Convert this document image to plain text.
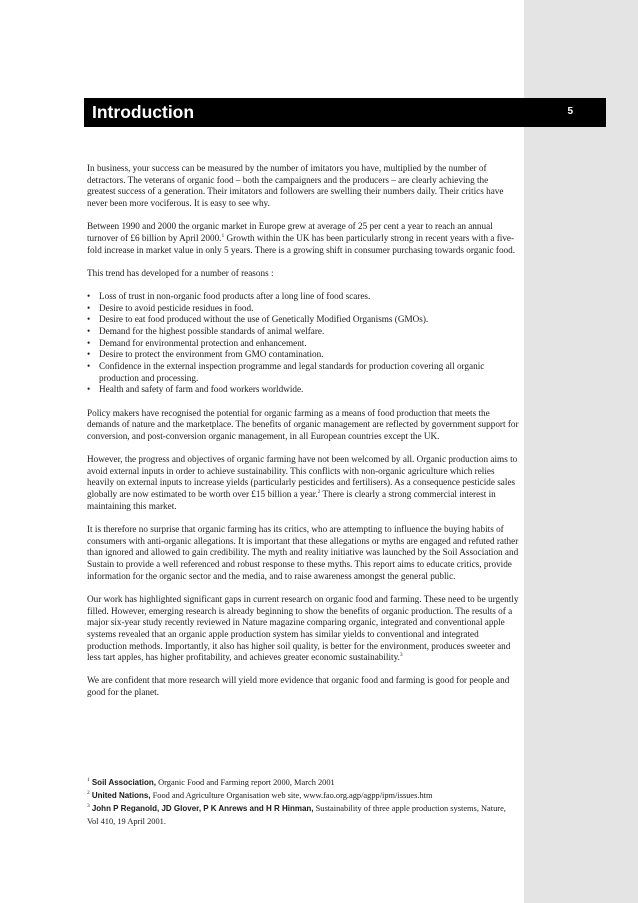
Introduction	5

In business, your success can be measured by the number of imitators you have, multiplied by the number of detractors. The veterans of organic food – both the campaigners and the producers – are clearly achieving the greatest success of a generation. Their imitators and followers are swelling their numbers daily. Their critics have never been more vociferous. It is easy to see why.

Between 1990 and 2000 the organic market in Europe grew at average of 25 per cent a year to reach an annual turnover of £6 billion by April 2000.$^1$ Growth within the UK has been particularly strong in recent years with a five-fold increase in market value in only 5 years. There is a growing shift in consumer purchasing towards organic food.

This trend has developed for a number of reasons :

• Loss of trust in non-organic food products after a long line of food scares.
• Desire to avoid pesticide residues in food.
• Desire to eat food produced without the use of Genetically Modified Organisms (GMOs).
• Demand for the highest possible standards of animal welfare.
• Demand for environmental protection and enhancement.
• Desire to protect the environment from GMO contamination.
• Confidence in the external inspection programme and legal standards for production covering all organic production and processing.
• Health and safety of farm and food workers worldwide.

Policy makers have recognised the potential for organic farming as a means of food production that meets the demands of nature and the marketplace. The benefits of organic management are reflected by government support for conversion, and post-conversion organic management, in all European countries except the UK.

However, the progress and objectives of organic farming have not been welcomed by all. Organic production aims to avoid external inputs in order to achieve sustainability. This conflicts with non-organic agriculture which relies heavily on external inputs to increase yields (particularly pesticides and fertilisers). As a consequence pesticide sales globally are now estimated to be worth over £15 billion a year.$^2$ There is clearly a strong commercial interest in maintaining this market.

It is therefore no surprise that organic farming has its critics, who are attempting to influence the buying habits of consumers with anti-organic allegations. It is important that these allegations or myths are engaged and refuted rather than ignored and allowed to gain credibility. The myth and reality initiative was launched by the Soil Association and Sustain to provide a well referenced and robust response to these myths. This report aims to educate critics, provide information for the organic sector and the media, and to raise awareness amongst the general public.

Our work has highlighted significant gaps in current research on organic food and farming. These need to be urgently filled. However, emerging research is already beginning to show the benefits of organic production. The results of a major six-year study recently reviewed in Nature magazine comparing organic, integrated and conventional apple systems revealed that an organic apple production system has similar yields to conventional and integrated production methods. Importantly, it also has higher soil quality, is better for the environment, produces sweeter and less tart apples, has higher profitability, and achieves greater economic sustainability.$^3$

We are confident that more research will yield more evidence that organic food and farming is good for people and good for the planet.

$^1$ Soil Association, Organic Food and Farming report 2000, March 2001

$^2$ United Nations, Food and Agriculture Organisation web site, www.fao.org.agp/agpp/ipm/issues.htm

$^3$ John P Reganold, JD Glover, P K Anrews and H R Hinman, Sustainability of three apple production systems, Nature, Vol 410, 19 April 2001.
